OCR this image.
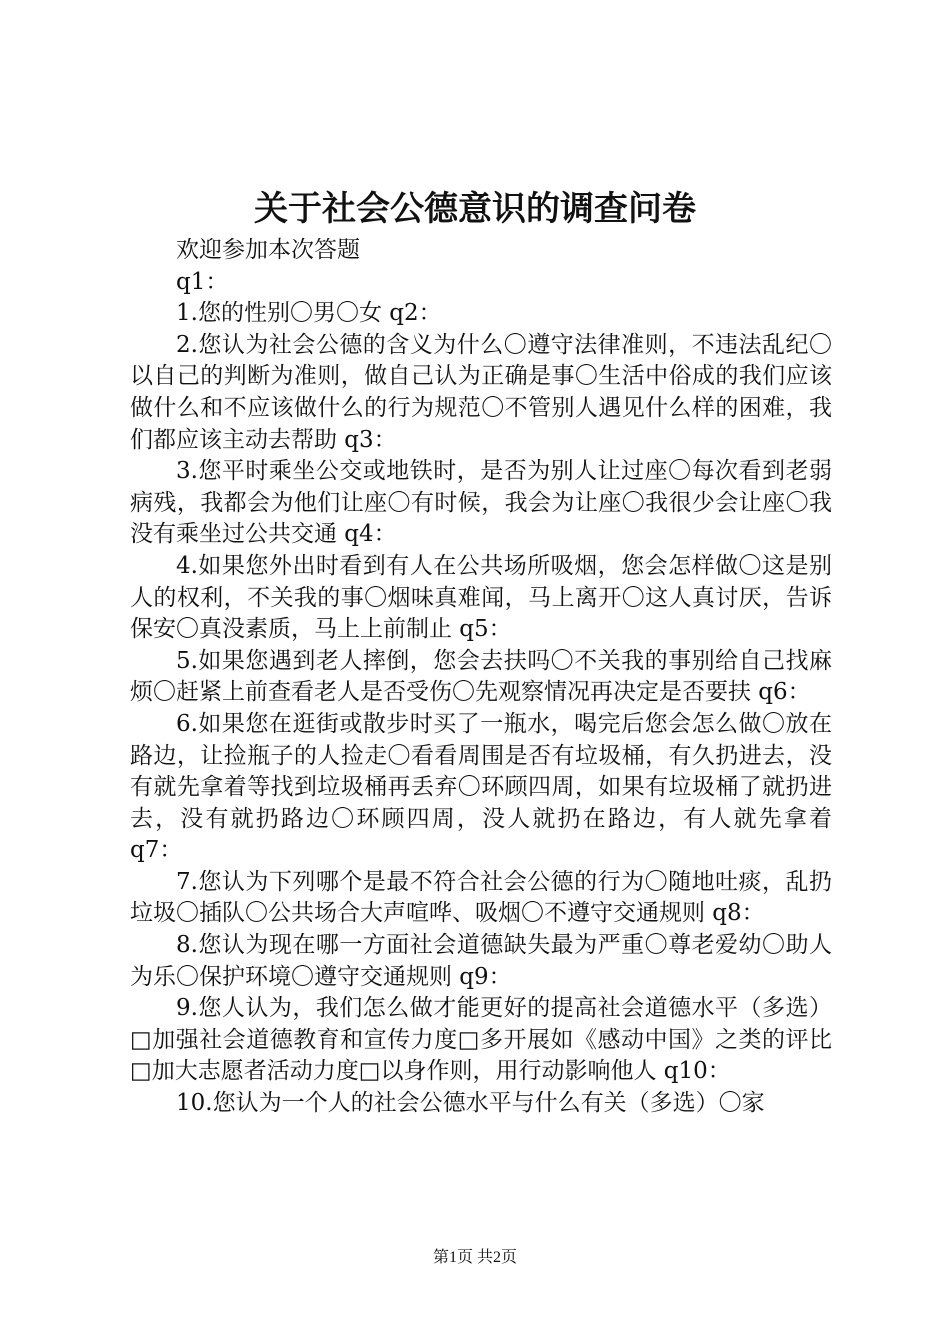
关于社会公德意识的调查问卷

欢迎参加本次答题

q1：

1.您的性别〇男〇女 q2：

2.您认为社会公德的含义为什么〇遵守法律准则，不违法乱纪〇以自己的判断为准则，做自己认为正确是事〇生活中俗成的我们应该做什么和不应该做什么的行为规范〇不管别人遇见什么样的困难，我们都应该主动去帮助 q3：

3.您平时乘坐公交或地铁时，是否为别人让过座〇每次看到老弱病残，我都会为他们让座〇有时候，我会为让座〇我很少会让座〇我没有乘坐过公共交通 q4：

4.如果您外出时看到有人在公共场所吸烟，您会怎样做〇这是别人的权利，不关我的事〇烟味真难闻，马上离开〇这人真讨厌，告诉保安〇真没素质，马上上前制止 q5：

5.如果您遇到老人摔倒，您会去扶吗〇不关我的事别给自己找麻烦〇赶紧上前查看老人是否受伤〇先观察情况再决定是否要扶 q6：

6.如果您在逛街或散步时买了一瓶水，喝完后您会怎么做〇放在路边，让捡瓶子的人捡走〇看看周围是否有垃圾桶，有久扔进去，没有就先拿着等找到垃圾桶再丢弃〇环顾四周，如果有垃圾桶了就扔进去，没有就扔路边〇环顾四周，没人就扔在路边，有人就先拿着 q7：

7.您认为下列哪个是最不符合社会公德的行为〇随地吐痰，乱扔垃圾〇插队〇公共场合大声喧哗、吸烟〇不遵守交通规则 q8：

8.您认为现在哪一方面社会道德缺失最为严重〇尊老爱幼〇助人为乐〇保护环境〇遵守交通规则 q9：

9.您人认为，我们怎么做才能更好的提高社会道德水平（多选）□加强社会道德教育和宣传力度□多开展如《感动中国》之类的评比□加大志愿者活动力度□以身作则，用行动影响他人 q10：

10.您认为一个人的社会公德水平与什么有关（多选）〇家

第1页 共2页
